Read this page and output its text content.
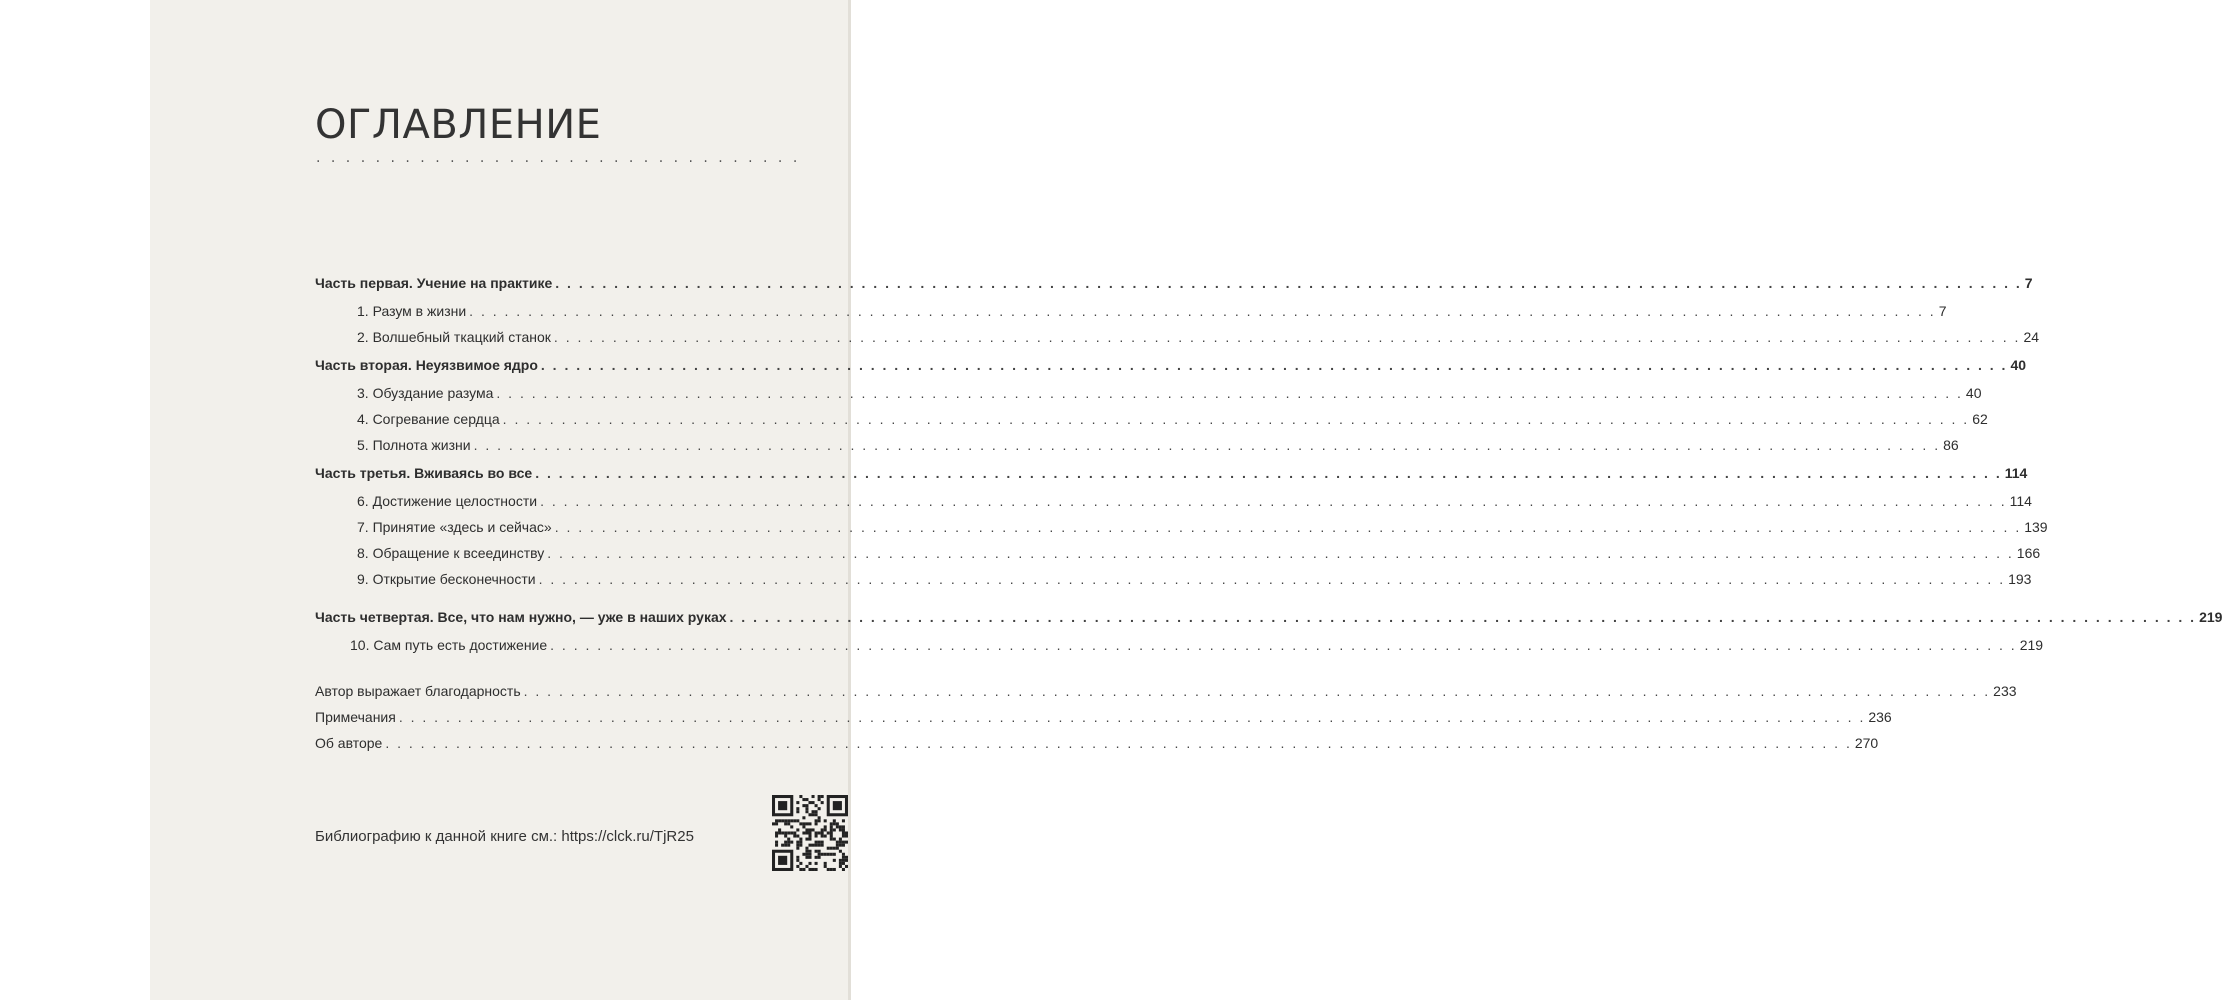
ОГЛАВЛЕНИЕ
. . . . . . . . . . . . . . . . . . . . . . . . . . . . . . . . .
Часть первая. Учение на практике . . .	7
1. Разум в жизни . . .	7
2. Волшебный ткацкий станок . . .	24
Часть вторая. Неуязвимое ядро . . .	40
3. Обуздание разума . . .	40
4. Согревание сердца . . .	62
5. Полнота жизни . . .	86
Часть третья. Вживаясь во все . . .	114
6. Достижение целостности . . .	114
7. Принятие «здесь и сейчас» . . .	139
8. Обращение к всеединству . . .	166
9. Открытие бесконечности . . .	193
Часть четвертая. Все, что нам нужно, — уже в наших руках . . .	219
10. Сам путь есть достижение . . .	219
Автор выражает благодарность . . .	233
Примечания . . .	236
Об авторе . . .	270
Библиографию к данной книге см.: https://clck.ru/TjR25
